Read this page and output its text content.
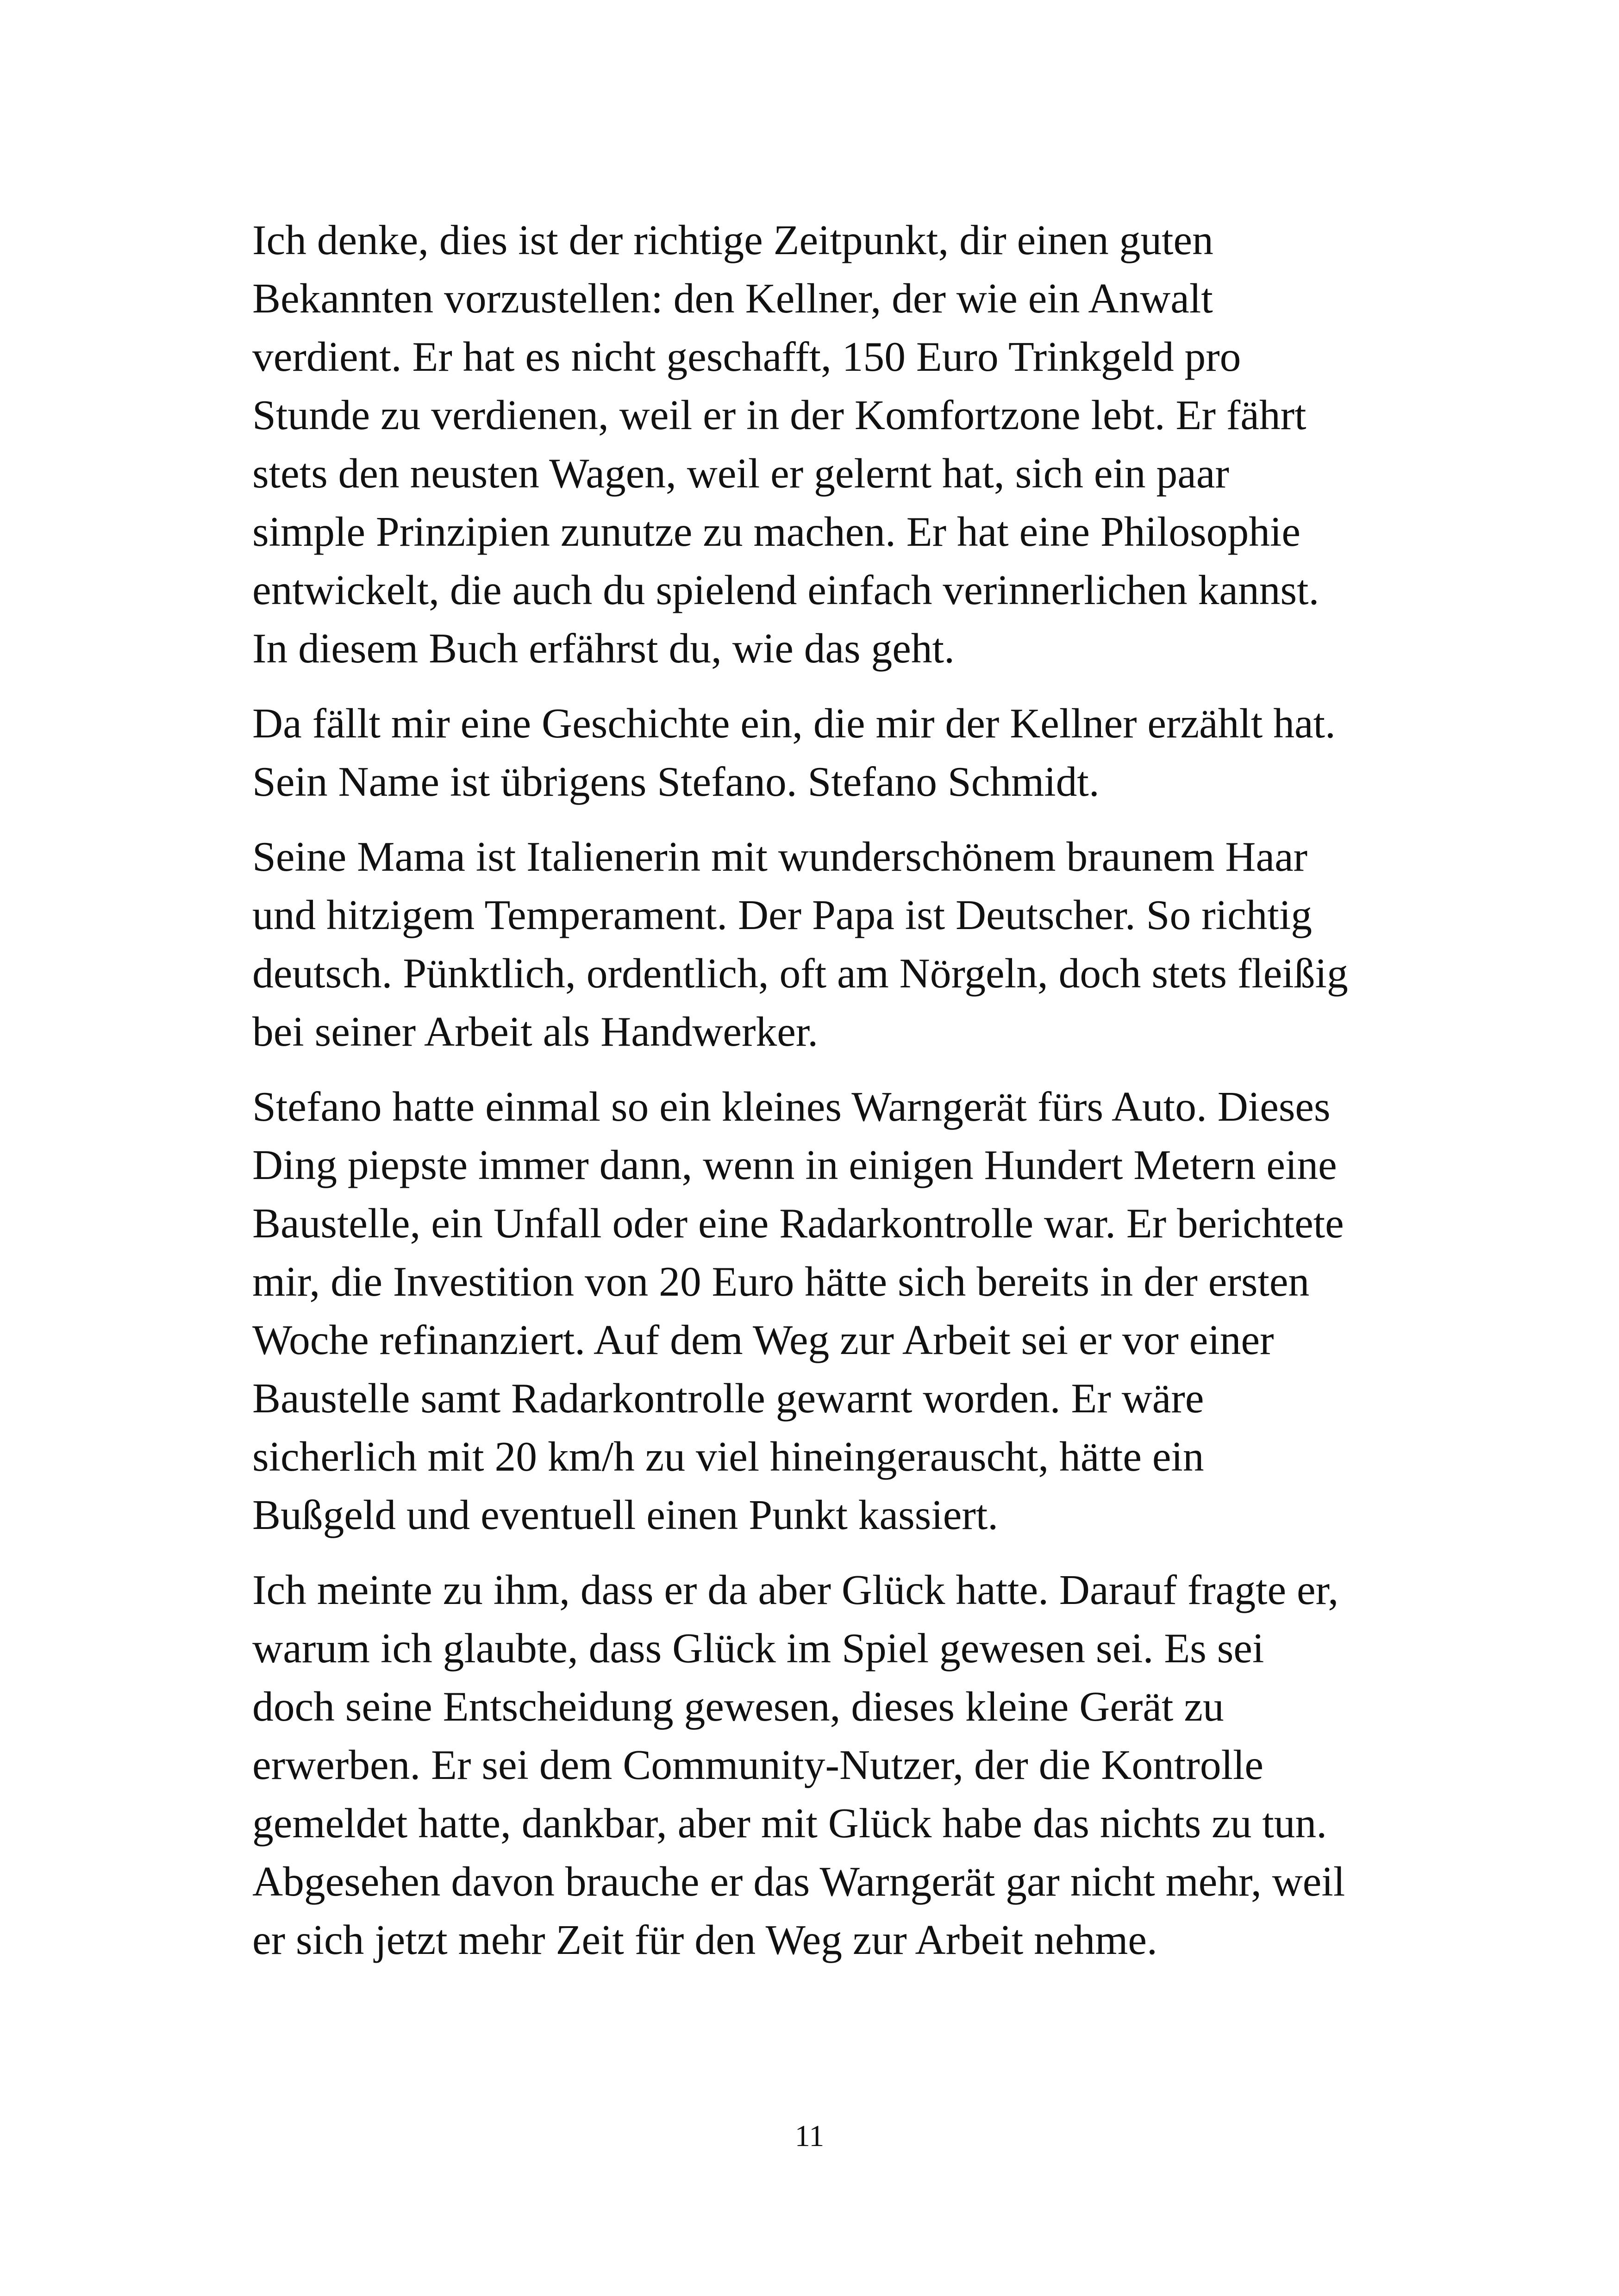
Ich denke, dies ist der richtige Zeitpunkt, dir einen guten
Bekannten vorzustellen: den Kellner, der wie ein Anwalt
verdient. Er hat es nicht geschafft, 150 Euro Trinkgeld pro
Stunde zu verdienen, weil er in der Komfortzone lebt. Er fährt
stets den neusten Wagen, weil er gelernt hat, sich ein paar
simple Prinzipien zunutze zu machen. Er hat eine Philosophie
entwickelt, die auch du spielend einfach verinnerlichen kannst.
In diesem Buch erfährst du, wie das geht.

Da fällt mir eine Geschichte ein, die mir der Kellner erzählt hat.
Sein Name ist übrigens Stefano. Stefano Schmidt.

Seine Mama ist Italienerin mit wunderschönem braunem Haar
und hitzigem Temperament. Der Papa ist Deutscher. So richtig
deutsch. Pünktlich, ordentlich, oft am Nörgeln, doch stets fleißig
bei seiner Arbeit als Handwerker.

Stefano hatte einmal so ein kleines Warngerät fürs Auto. Dieses
Ding piepste immer dann, wenn in einigen Hundert Metern eine
Baustelle, ein Unfall oder eine Radarkontrolle war. Er berichtete
mir, die Investition von 20 Euro hätte sich bereits in der ersten
Woche refinanziert. Auf dem Weg zur Arbeit sei er vor einer
Baustelle samt Radarkontrolle gewarnt worden. Er wäre
sicherlich mit 20 km/h zu viel hineingerauscht, hätte ein
Bußgeld und eventuell einen Punkt kassiert.

Ich meinte zu ihm, dass er da aber Glück hatte. Darauf fragte er,
warum ich glaubte, dass Glück im Spiel gewesen sei. Es sei
doch seine Entscheidung gewesen, dieses kleine Gerät zu
erwerben. Er sei dem Community-Nutzer, der die Kontrolle
gemeldet hatte, dankbar, aber mit Glück habe das nichts zu tun.
Abgesehen davon brauche er das Warngerät gar nicht mehr, weil
er sich jetzt mehr Zeit für den Weg zur Arbeit nehme.

11
